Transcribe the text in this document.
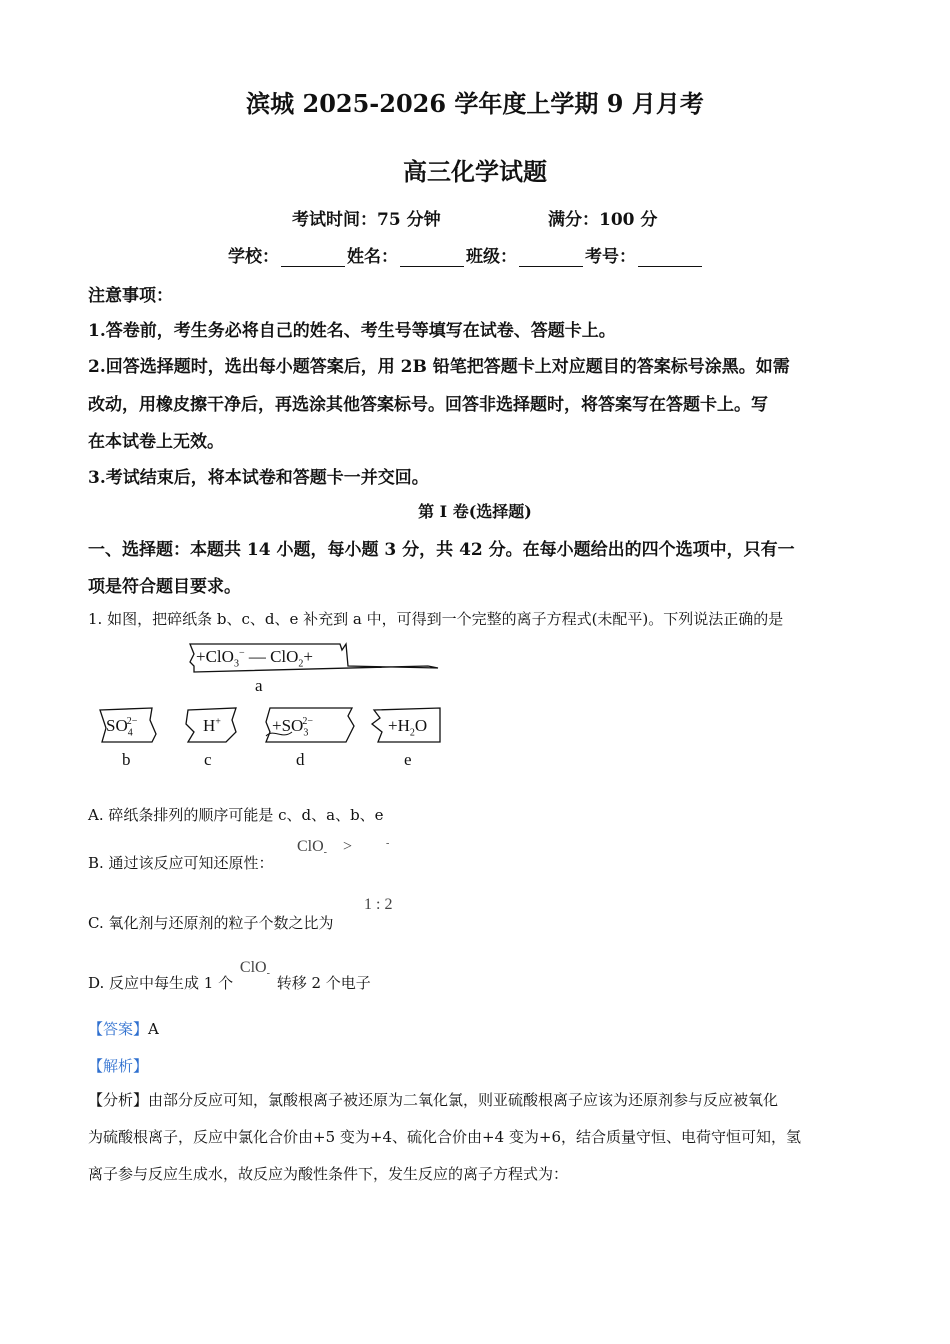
滨城 2025-2026 学年度上学期 9 月月考
高三化学试题
考试时间：75 分钟	满分：100 分
学校：	姓名：	班级：	考号：
注意事项：
1.答卷前，考生务必将自己的姓名、考生号等填写在试卷、答题卡上。
2.回答选择题时，选出每小题答案后，用 2B 铅笔把答题卡上对应题目的答案标号涂黑。如需
改动，用橡皮擦干净后，再选涂其他答案标号。回答非选择题时，将答案写在答题卡上。写
在本试卷上无效。
3.考试结束后，将本试卷和答题卡一并交回。
第 I 卷(选择题)
一、选择题：本题共 14 小题，每小题 3 分，共 42 分。在每小题给出的四个选项中，只有一
项是符合题目要求。
1. 如图，把碎纸条 b、c、d、e 补充到 a 中，可得到一个完整的离子方程式(未配平)。下列说法正确的是
+ClO$_3$− — ClO$_2$+
a
$SO_4^{2-}$
b
H+
c
$+SO_3^{2-}$
d
$+H_2O$
e
A. 碎纸条排列的顺序可能是 c、d、a、b、e
B. 通过该反应可知还原性：
ClO$_-$ >	-
C. 氧化剂与还原剂的粒子个数之比为
1 : 2
D. 反应中每生成 1 个 ClO$_-$ 转移 2 个电子
【答案】A
【解析】
【分析】由部分反应可知，氯酸根离子被还原为二氧化氯，则亚硫酸根离子应该为还原剂参与反应被氧化
为硫酸根离子，反应中氯化合价由+5 变为+4、硫化合价由+4 变为+6，结合质量守恒、电荷守恒可知，氢
离子参与反应生成水，故反应为酸性条件下，发生反应的离子方程式为：
